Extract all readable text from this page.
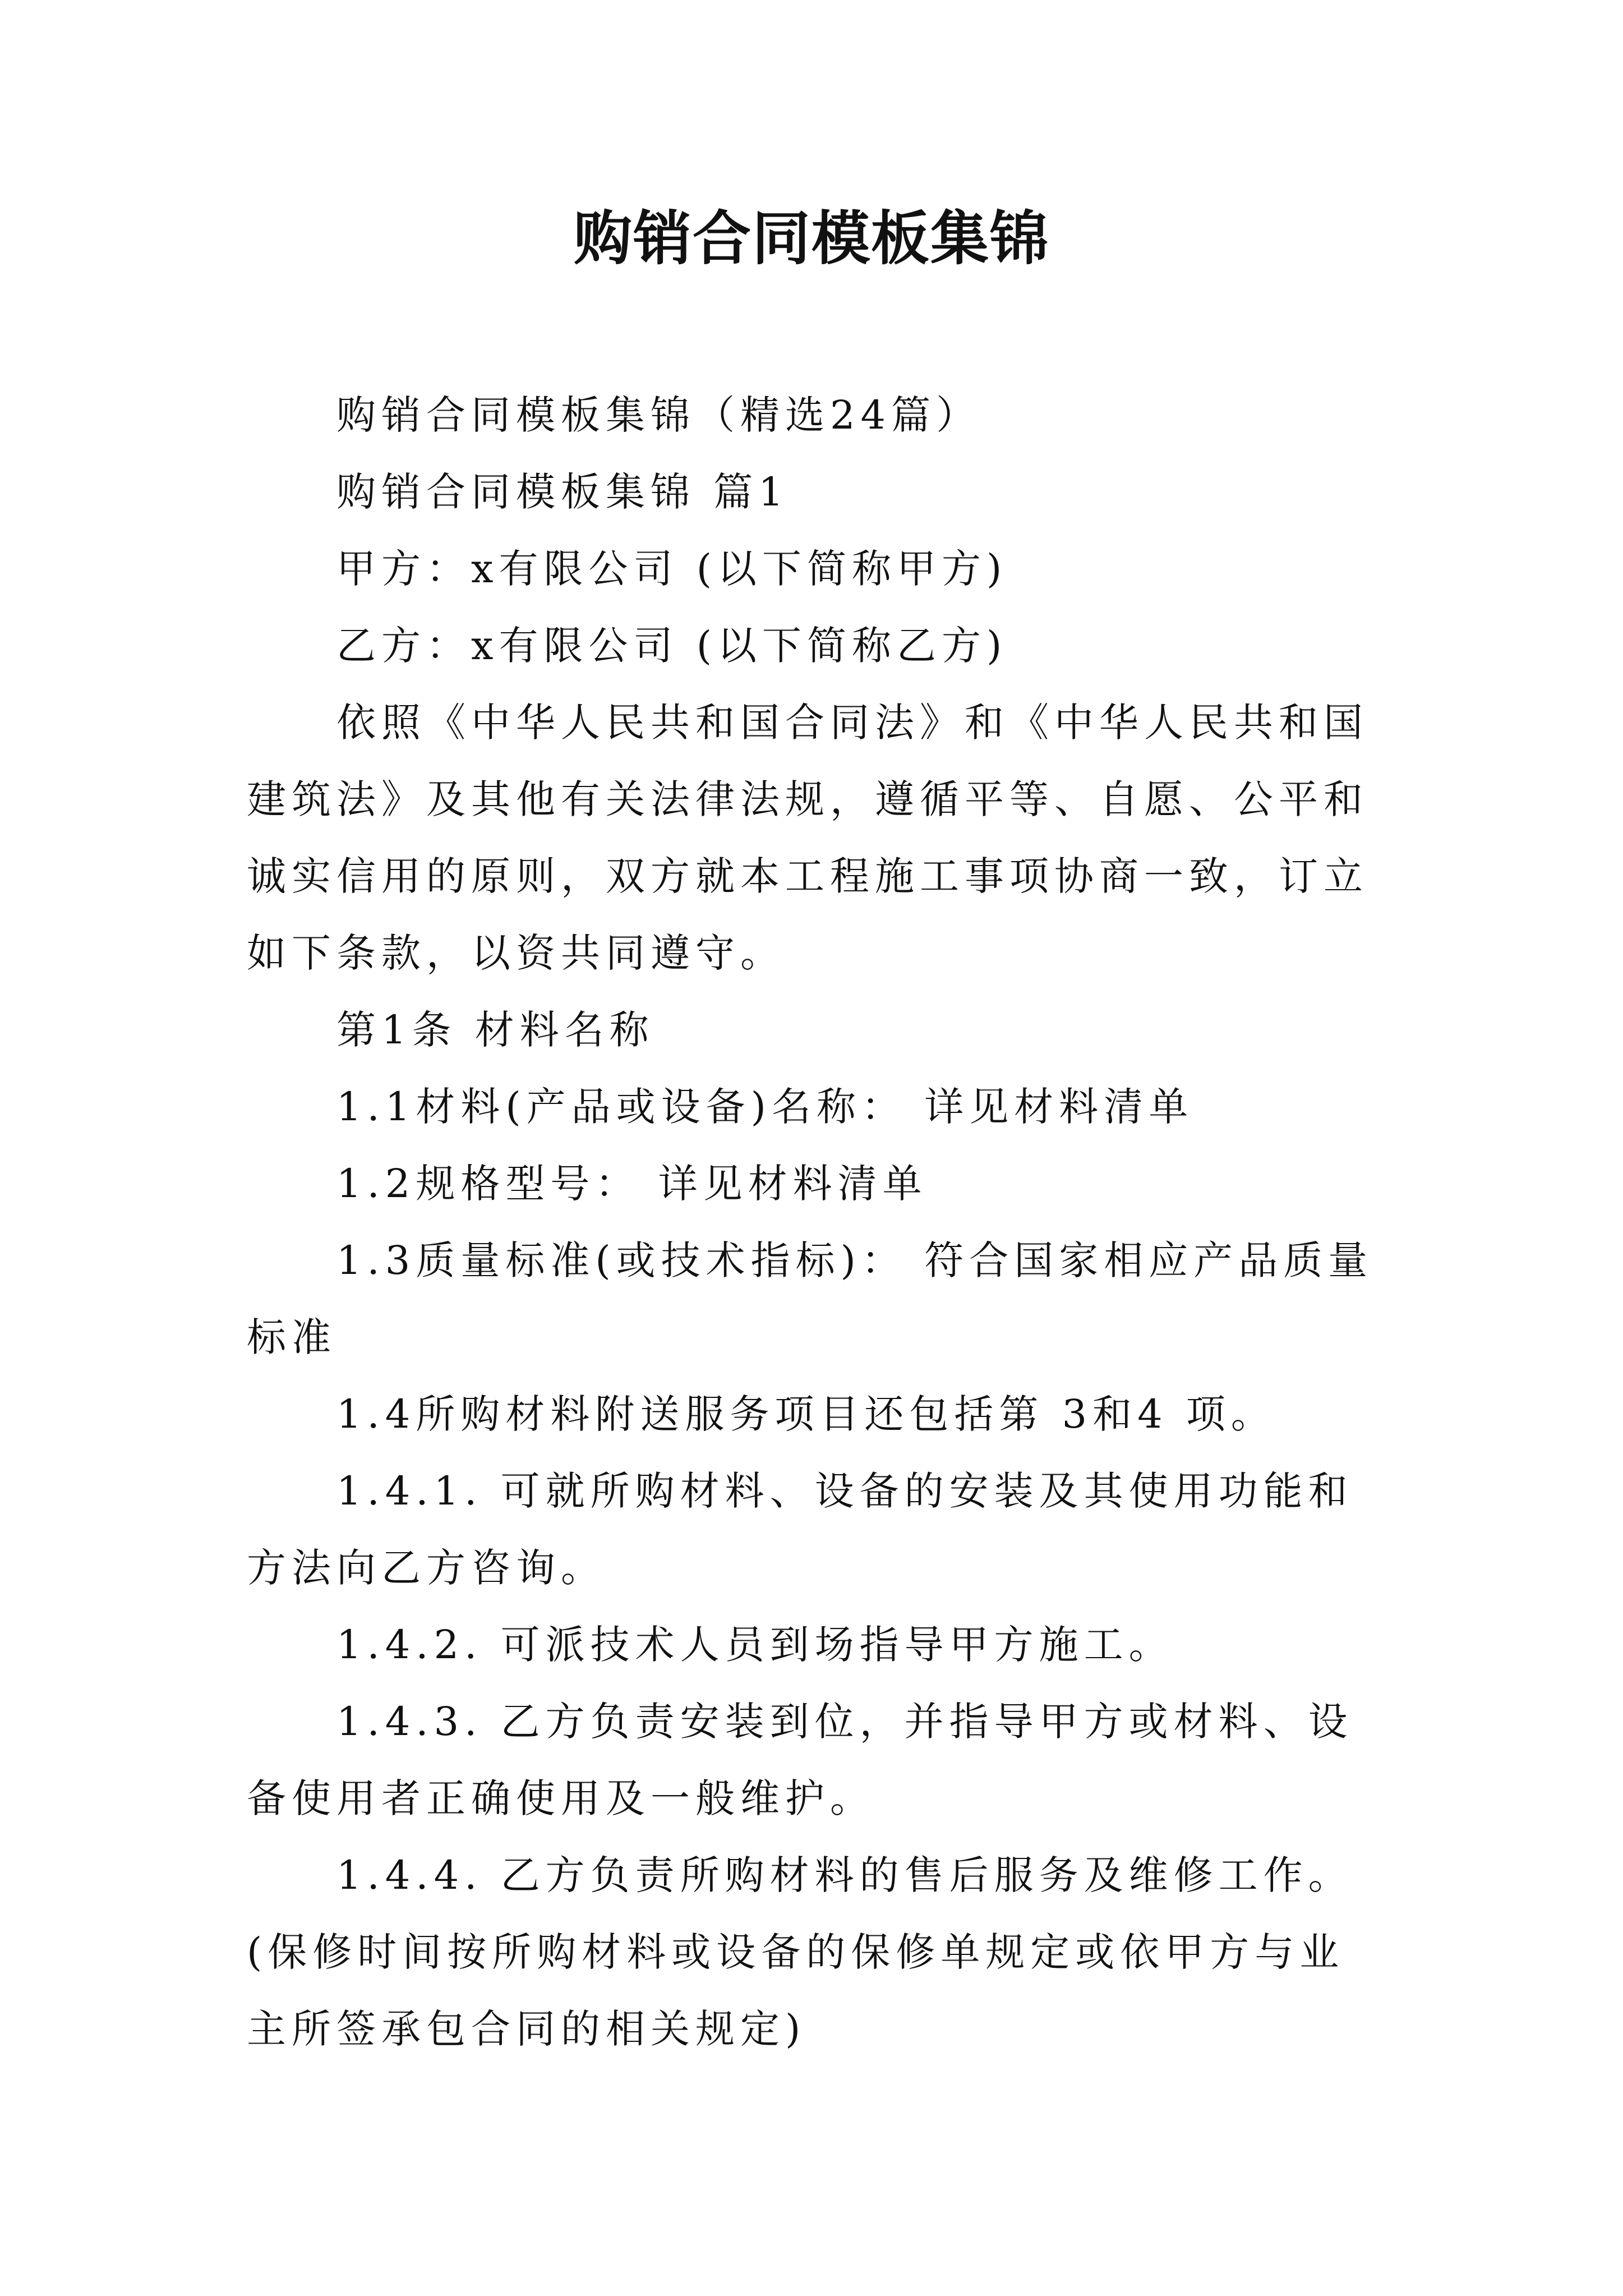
购销合同模板集锦

购销合同模板集锦（精选24篇）

购销合同模板集锦 篇1

甲方：x有限公司 (以下简称甲方)

乙方：x有限公司 (以下简称乙方)

依照《中华人民共和国合同法》和《中华人民共和国建筑法》及其他有关法律法规，遵循平等、自愿、公平和诚实信用的原则，双方就本工程施工事项协商一致，订立如下条款，以资共同遵守。

第1条 材料名称

1.1材料(产品或设备)名称： 详见材料清单

1.2规格型号： 详见材料清单

1.3质量标准(或技术指标)： 符合国家相应产品质量标准

1.4所购材料附送服务项目还包括第 3和4 项。

1.4.1. 可就所购材料、设备的安装及其使用功能和方法向乙方咨询。

1.4.2. 可派技术人员到场指导甲方施工。

1.4.3. 乙方负责安装到位，并指导甲方或材料、设备使用者正确使用及一般维护。

1.4.4. 乙方负责所购材料的售后服务及维修工作。(保修时间按所购材料或设备的保修单规定或依甲方与业主所签承包合同的相关规定)
